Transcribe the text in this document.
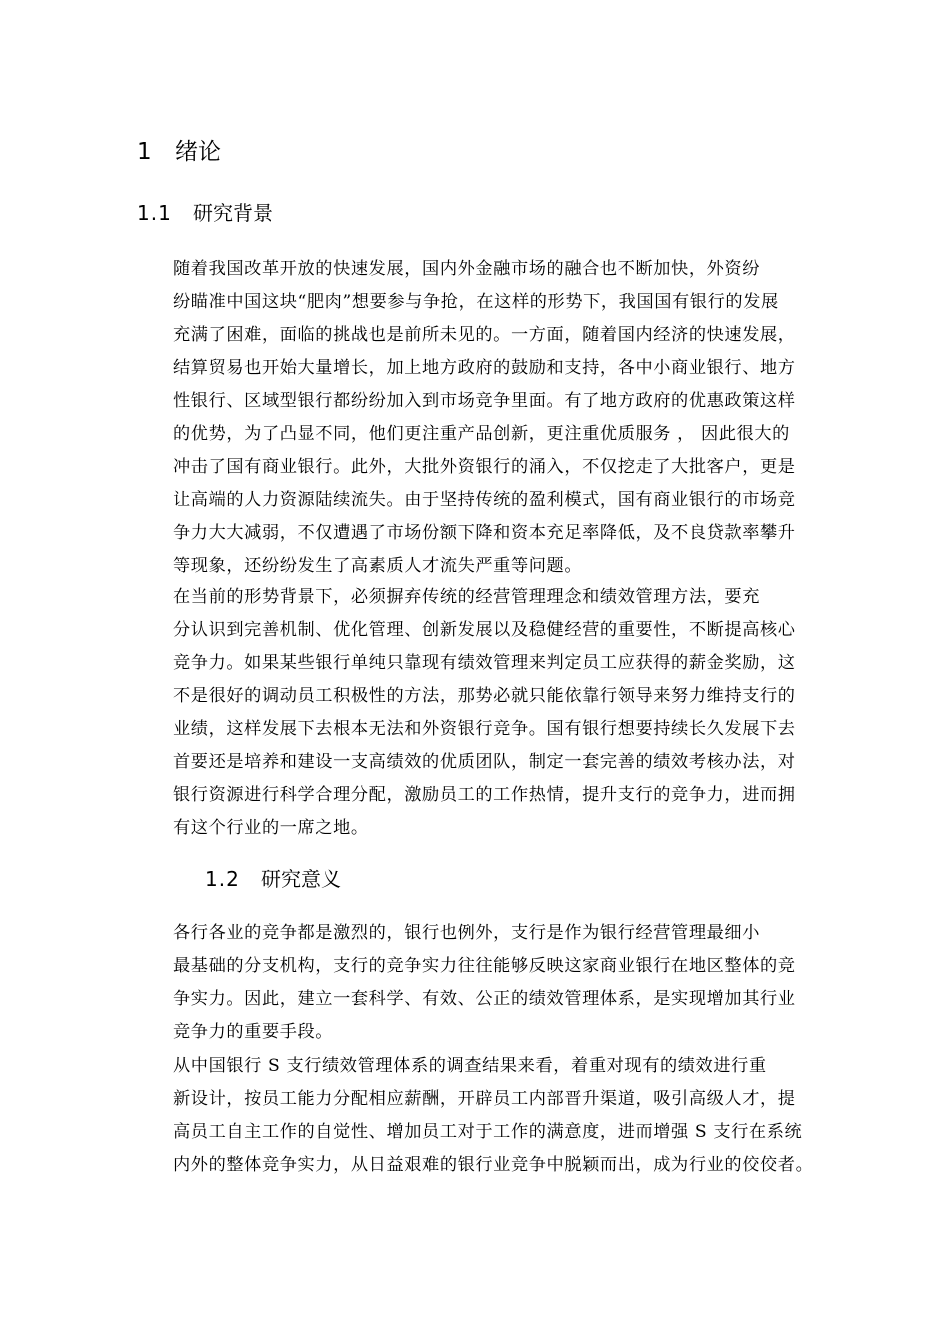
1 绪论
1.1 研究背景

随着我国改革开放的快速发展，国内外金融市场的融合也不断加快，外资纷
纷瞄准中国这块“肥肉”想要参与争抢，在这样的形势下，我国国有银行的发展
充满了困难，面临的挑战也是前所未见的。一方面，随着国内经济的快速发展，
结算贸易也开始大量增长，加上地方政府的鼓励和支持，各中小商业银行、地方
性银行、区域型银行都纷纷加入到市场竞争里面。有了地方政府的优惠政策这样
的优势，为了凸显不同，他们更注重产品创新，更注重优质服务 ， 因此很大的
冲击了国有商业银行。此外，大批外资银行的涌入，不仅挖走了大批客户，更是
让高端的人力资源陆续流失。由于坚持传统的盈利模式，国有商业银行的市场竞
争力大大减弱，不仅遭遇了市场份额下降和资本充足率降低，及不良贷款率攀升
等现象，还纷纷发生了高素质人才流失严重等问题。

在当前的形势背景下，必须摒弃传统的经营管理理念和绩效管理方法，要充
分认识到完善机制、优化管理、创新发展以及稳健经营的重要性，不断提高核心
竞争力。如果某些银行单纯只靠现有绩效管理来判定员工应获得的薪金奖励，这
不是很好的调动员工积极性的方法，那势必就只能依靠行领导来努力维持支行的
业绩，这样发展下去根本无法和外资银行竞争。国有银行想要持续长久发展下去
首要还是培养和建设一支高绩效的优质团队，制定一套完善的绩效考核办法，对
银行资源进行科学合理分配，激励员工的工作热情，提升支行的竞争力，进而拥
有这个行业的一席之地。

1.2 研究意义

各行各业的竞争都是激烈的，银行也例外，支行是作为银行经营管理最细小
最基础的分支机构，支行的竞争实力往往能够反映这家商业银行在地区整体的竞
争实力。因此，建立一套科学、有效、公正的绩效管理体系，是实现增加其行业
竞争力的重要手段。

从中国银行 S 支行绩效管理体系的调查结果来看，着重对现有的绩效进行重
新设计，按员工能力分配相应薪酬，开辟员工内部晋升渠道，吸引高级人才，提
高员工自主工作的自觉性、增加员工对于工作的满意度，进而增强 S 支行在系统
内外的整体竞争实力，从日益艰难的银行业竞争中脱颖而出，成为行业的佼佼者。
